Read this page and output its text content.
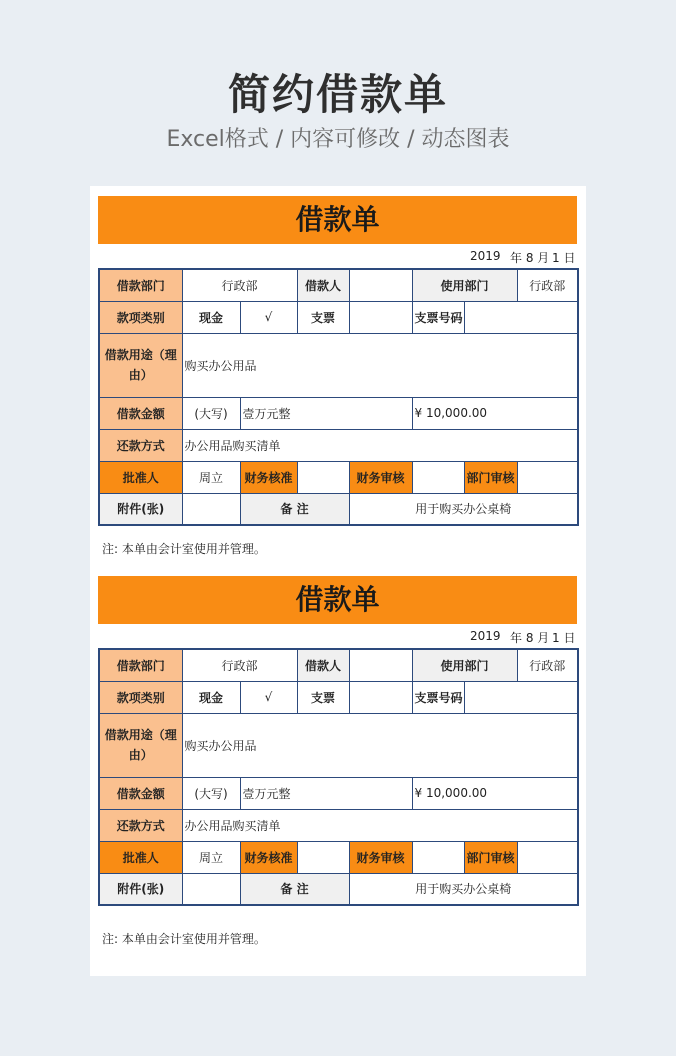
简约借款单
Excel格式 / 内容可修改 / 动态图表
借款单
2019 年 8 月 1 日
借款部门	行政部		借款人		使用部门		行政部
款项类别	现金	√	支票		支票号码		
借款用途（理由）	购买办公用品						
借款金额	(大写)	壹万元整			¥ 10,000.00		
还款方式	办公用品购买清单						
批准人	周立	财务核准		财务审核		部门审核	
附件(张)		备 注		用于购买办公桌椅			
注: 本单由会计室使用并管理。
借款单
2019 年 8 月 1 日
借款部门	行政部		借款人		使用部门		行政部
款项类别	现金	√	支票		支票号码		
借款用途（理由）	购买办公用品						
借款金额	(大写)	壹万元整			¥ 10,000.00		
还款方式	办公用品购买清单						
批准人	周立	财务核准		财务审核		部门审核	
附件(张)		备 注		用于购买办公桌椅			
注: 本单由会计室使用并管理。
